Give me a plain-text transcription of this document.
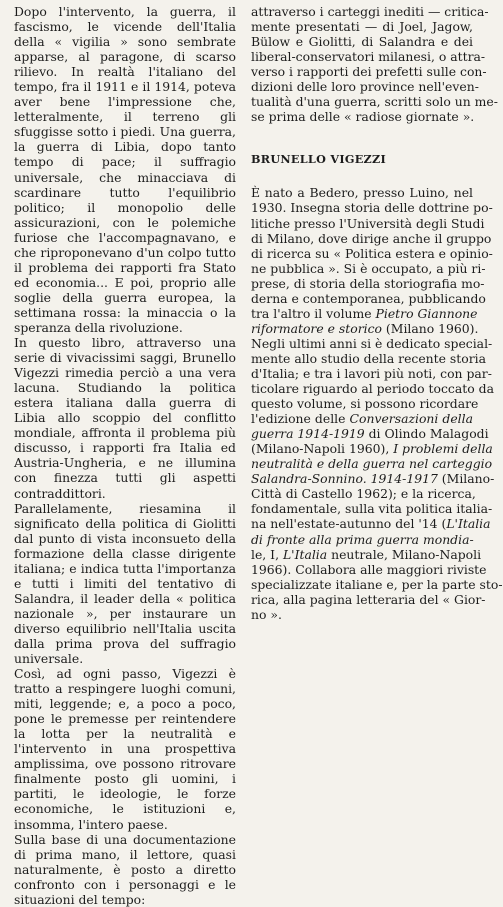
Dopo l'intervento, la guerra, il fascismo, le vicende dell'Italia della « vigilia » sono sembrate apparse, al paragone, di scarso rilievo. In realtà l'italiano del tempo, fra il 1911 e il 1914, poteva aver bene l'impressione che, letteralmente, il terreno gli sfuggisse sotto i piedi. Una guerra, la guerra di Libia, dopo tanto tempo di pace; il suffragio universale, che minacciava di scardinare tutto l'equilibrio politico; il monopolio delle assicurazioni, con le polemiche furiose che l'accompagnavano, e che riproponevano d'un colpo tutto il problema dei rapporti fra Stato ed economia... E poi, proprio alle soglie della guerra europea, la settimana rossa: la minaccia o la speranza della rivoluzione.

In questo libro, attraverso una serie di vivacissimi saggi, Brunello Vigezzi rimedia perciò a una vera lacuna. Studiando la politica estera italiana dalla guerra di Libia allo scoppio del conflitto mondiale, affronta il problema più discusso, i rapporti fra Italia ed Austria-Ungheria, e ne illumina con finezza tutti gli aspetti contraddittori.

Parallelamente, riesamina il significato della politica di Giolitti dal punto di vista inconsueto della formazione della classe dirigente italiana; e indica tutta l'importanza e tutti i limiti del tentativo di Salandra, il leader della « politica nazionale », per instaurare un diverso equilibrio nell'Italia uscita dalla prima prova del suffragio universale.

Così, ad ogni passo, Vigezzi è tratto a respingere luoghi comuni, miti, leggende; e, a poco a poco, pone le premesse per reintendere la lotta per la neutralità e l'intervento in una prospettiva amplissima, ove possono ritrovare finalmente posto gli uomini, i partiti, le ideologie, le forze economiche, le istituzioni e, insomma, l'intero paese.

Sulla base di una documentazione di prima mano, il lettore, quasi naturalmente, è posto a diretto confronto con i personaggi e le situazioni del tempo:

attraverso i carteggi inediti — critica-
mente presentati — di Joel, Jagow,
Bülow e Giolitti, di Salandra e dei
liberal-conservatori milanesi, o attra-
verso i rapporti dei prefetti sulle con-
dizioni delle loro province nell'even-
tualità d'una guerra, scritti solo un me-
se prima delle « radiose giornate ».
BRUNELLO VIGEZZI
È nato a Bedero, presso Luino, nel
1930. Insegna storia delle dottrine po-
litiche presso l'Università degli Studi
di Milano, dove dirige anche il gruppo
di ricerca su « Politica estera e opinio-
ne pubblica ». Si è occupato, a più ri-
prese, di storia della storiografia mo-
derna e contemporanea, pubblicando
tra l'altro il volume Pietro Giannone
riformatore e storico (Milano 1960).
Negli ultimi anni si è dedicato special-
mente allo studio della recente storia
d'Italia; e tra i lavori più noti, con par-
ticolare riguardo al periodo toccato da
questo volume, si possono ricordare
l'edizione delle Conversazioni della
guerra 1914-1919 di Olindo Malagodi
(Milano-Napoli 1960), I problemi della
neutralità e della guerra nel carteggio
Salandra-Sonnino. 1914-1917 (Milano-
Città di Castello 1962); e la ricerca,
fondamentale, sulla vita politica italia-
na nell'estate-autunno del '14 (L'Italia
di fronte alla prima guerra mondia-
le, I, L'Italia neutrale, Milano-Napoli
1966). Collabora alle maggiori riviste
specializzate italiane e, per la parte sto-
rica, alla pagina letteraria del « Gior-
no ».
